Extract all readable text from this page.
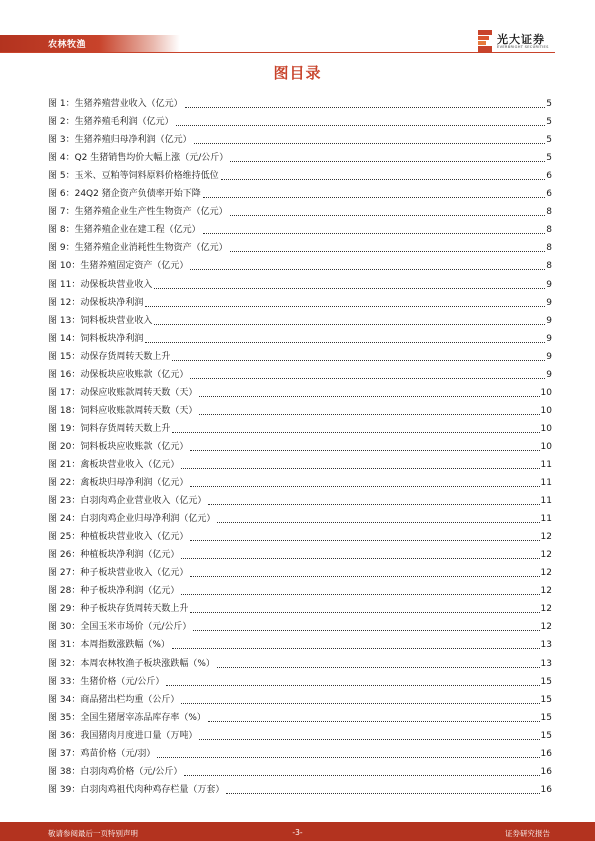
农林牧渔	光大证券
EVERBRIGHT SECURITIES
图目录
图 1：生猪养殖营业收入（亿元）	5
图 2：生猪养殖毛利润（亿元）	5
图 3：生猪养殖归母净利润（亿元）	5
图 4：Q2 生猪销售均价大幅上涨（元/公斤）	5
图 5：玉米、豆粕等饲料原料价格维持低位	6
图 6：24Q2 猪企资产负债率开始下降	6
图 7：生猪养殖企业生产性生物资产（亿元）	8
图 8：生猪养殖企业在建工程（亿元）	8
图 9：生猪养殖企业消耗性生物资产（亿元）	8
图 10：生猪养殖固定资产（亿元）	8
图 11：动保板块营业收入	9
图 12：动保板块净利润	9
图 13：饲料板块营业收入	9
图 14：饲料板块净利润	9
图 15：动保存货周转天数上升	9
图 16：动保板块应收账款（亿元）	9
图 17：动保应收账款周转天数（天）	10
图 18：饲料应收账款周转天数（天）	10
图 19：饲料存货周转天数上升	10
图 20：饲料板块应收账款（亿元）	10
图 21：禽板块营业收入（亿元）	11
图 22：禽板块归母净利润（亿元）	11
图 23：白羽肉鸡企业营业收入（亿元）	11
图 24：白羽肉鸡企业归母净利润（亿元）	11
图 25：种植板块营业收入（亿元）	12
图 26：种植板块净利润（亿元）	12
图 27：种子板块营业收入（亿元）	12
图 28：种子板块净利润（亿元）	12
图 29：种子板块存货周转天数上升	12
图 30：全国玉米市场价（元/公斤）	12
图 31：本周指数涨跌幅（%）	13
图 32：本周农林牧渔子板块涨跌幅（%）	13
图 33：生猪价格（元/公斤）	15
图 34：商品猪出栏均重（公斤）	15
图 35：全国生猪屠宰冻品库存率（%）	15
图 36：我国猪肉月度进口量（万吨）	15
图 37：鸡苗价格（元/羽）	16
图 38：白羽肉鸡价格（元/公斤）	16
图 39：白羽肉鸡祖代肉种鸡存栏量（万套）	16
敬请参阅最后一页特别声明	-3-	证券研究报告
